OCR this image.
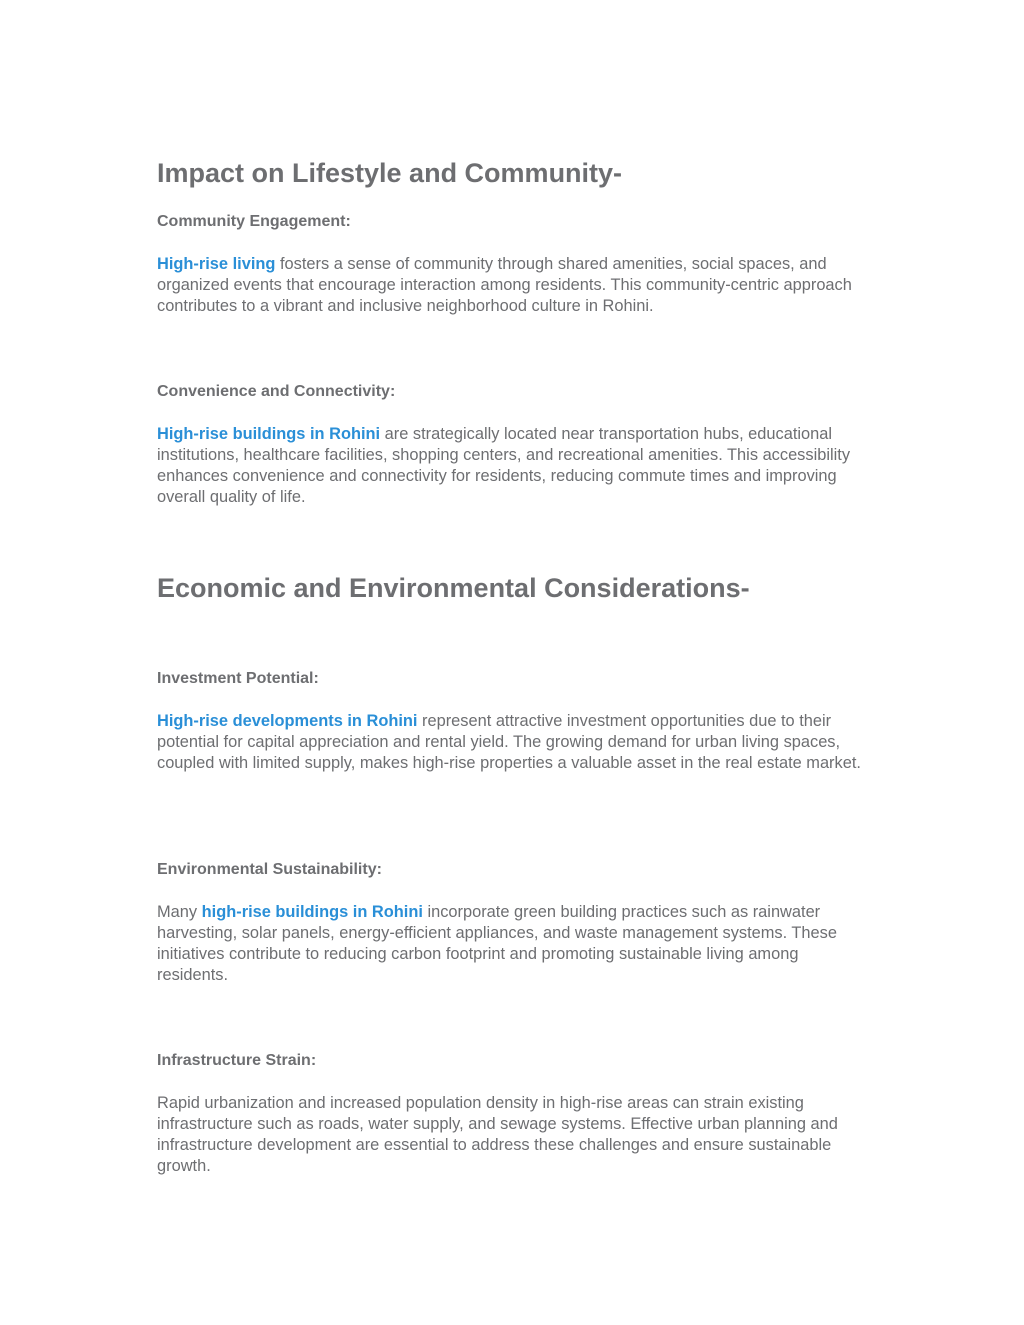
Impact on Lifestyle and Community-
Community Engagement:

High-rise living fosters a sense of community through shared amenities, social spaces, and organized events that encourage interaction among residents. This community-centric approach contributes to a vibrant and inclusive neighborhood culture in Rohini.

Convenience and Connectivity:

High-rise buildings in Rohini are strategically located near transportation hubs, educational institutions, healthcare facilities, shopping centers, and recreational amenities. This accessibility enhances convenience and connectivity for residents, reducing commute times and improving overall quality of life.

Economic and Environmental Considerations-
Investment Potential:

High-rise developments in Rohini represent attractive investment opportunities due to their potential for capital appreciation and rental yield. The growing demand for urban living spaces, coupled with limited supply, makes high-rise properties a valuable asset in the real estate market.

Environmental Sustainability:

Many high-rise buildings in Rohini incorporate green building practices such as rainwater harvesting, solar panels, energy-efficient appliances, and waste management systems. These initiatives contribute to reducing carbon footprint and promoting sustainable living among residents.

Infrastructure Strain:

Rapid urbanization and increased population density in high-rise areas can strain existing infrastructure such as roads, water supply, and sewage systems. Effective urban planning and infrastructure development are essential to address these challenges and ensure sustainable growth.
